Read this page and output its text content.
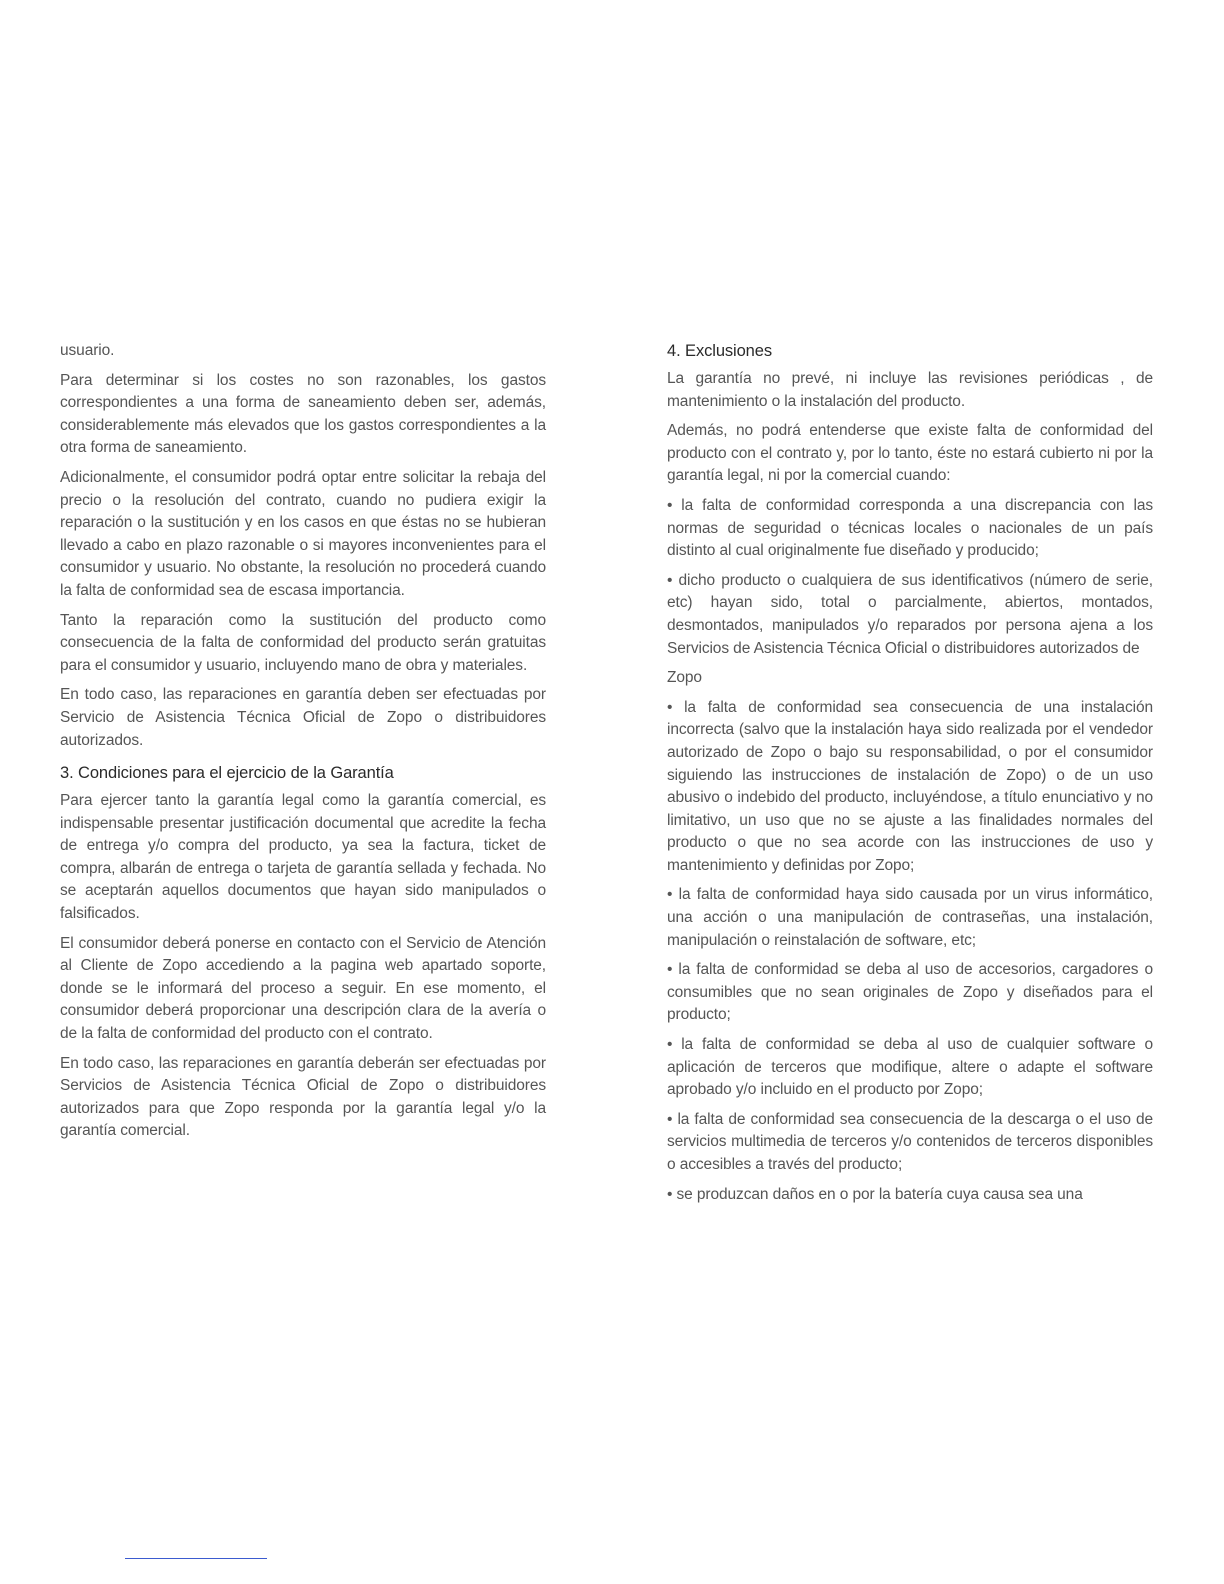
usuario.

Para determinar si los costes no son razonables, los gastos correspondientes a una forma de saneamiento deben ser, además, considerablemente más elevados que los gastos correspondientes a la otra forma de saneamiento.

Adicionalmente, el consumidor podrá optar entre solicitar la rebaja del precio o la resolución del contrato, cuando no pudiera exigir la reparación o la sustitución y en los casos en que éstas no se hubieran llevado a cabo en plazo razonable o si mayores inconvenientes para el consumidor y usuario. No obstante, la resolución no procederá cuando la falta de conformidad sea de escasa importancia.

Tanto la reparación como la sustitución del producto como consecuencia de la falta de conformidad del producto serán gratuitas para el consumidor y usuario, incluyendo mano de obra y materiales.

En todo caso, las reparaciones en garantía deben ser efectuadas por Servicio de Asistencia Técnica Oficial de Zopo o distribuidores autorizados.

3. Condiciones para el ejercicio de la Garantía

Para ejercer tanto la garantía legal como la garantía comercial, es indispensable presentar justificación documental que acredite la fecha de entrega y/o compra del producto, ya sea la factura, ticket de compra, albarán de entrega o tarjeta de garantía sellada y fechada. No se aceptarán aquellos documentos que hayan sido manipulados o falsificados.

El consumidor deberá ponerse en contacto con el Servicio de Atención al Cliente de Zopo accediendo a la pagina web apartado soporte, donde se le informará del proceso a seguir. En ese momento, el consumidor deberá proporcionar una descripción clara de la avería o de la falta de conformidad del producto con el contrato.

En todo caso, las reparaciones en garantía deberán ser efectuadas por Servicios de Asistencia Técnica Oficial de Zopo o distribuidores autorizados para que Zopo responda por la garantía legal y/o la garantía comercial.

4. Exclusiones

La garantía no prevé, ni incluye las revisiones periódicas , de mantenimiento o la instalación del producto.

Además, no podrá entenderse que existe falta de conformidad del producto con el contrato y, por lo tanto, éste no estará cubierto ni por la garantía legal, ni por la comercial cuando:

• la falta de conformidad corresponda a una discrepancia con las normas de seguridad o técnicas locales o nacionales de un país distinto al cual originalmente fue diseñado y producido;

• dicho producto o cualquiera de sus identificativos (número de serie, etc) hayan sido, total o parcialmente, abiertos, montados, desmontados, manipulados y/o reparados por persona ajena a los Servicios de Asistencia Técnica Oficial o distribuidores autorizados de

Zopo

• la falta de conformidad sea consecuencia de una instalación incorrecta (salvo que la instalación haya sido realizada por el vendedor autorizado de Zopo o bajo su responsabilidad, o por el consumidor siguiendo las instrucciones de instalación de Zopo) o de un uso abusivo o indebido del producto, incluyéndose, a título enunciativo y no limitativo, un uso que no se ajuste a las finalidades normales del producto o que no sea acorde con las instrucciones de uso y mantenimiento y definidas por Zopo;

• la falta de conformidad haya sido causada por un virus informático, una acción o una manipulación de contraseñas, una instalación, manipulación o reinstalación de software, etc;

• la falta de conformidad se deba al uso de accesorios, cargadores o consumibles que no sean originales de Zopo y diseñados para el producto;

• la falta de conformidad se deba al uso de cualquier software o aplicación de terceros que modifique, altere o adapte el software aprobado y/o incluido en el producto por Zopo;

• la falta de conformidad sea consecuencia de la descarga o el uso de servicios multimedia de terceros y/o contenidos de terceros disponibles o accesibles a través del producto;

• se produzcan daños en o por la batería cuya causa sea una
